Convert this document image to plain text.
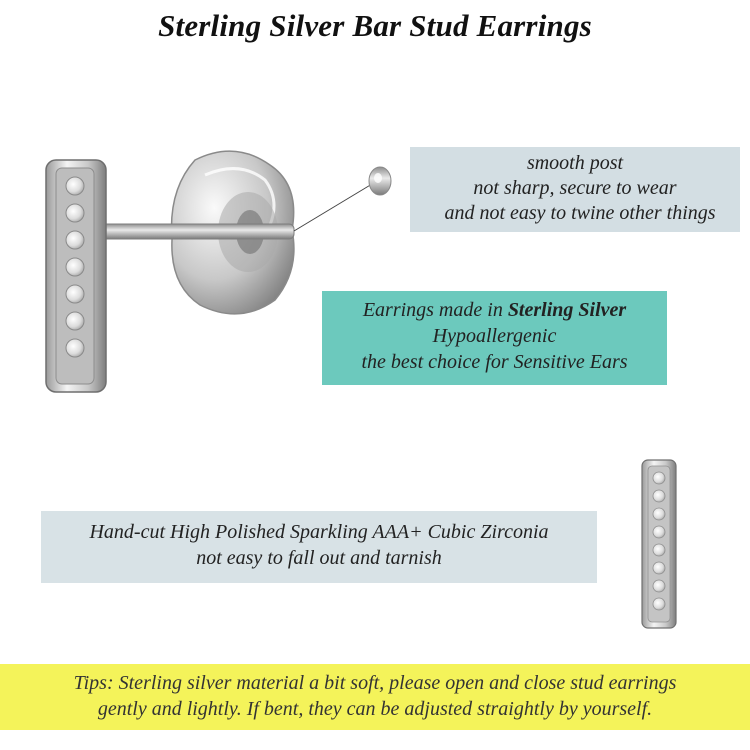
Sterling Silver Bar Stud Earrings
smooth post
not sharp, secure to wear
and not easy to twine other things
Earrings made in Sterling Silver
Hypoallergenic
the best choice for Sensitive Ears
Hand-cut High Polished Sparkling AAA+ Cubic Zirconia
not easy to fall out and tarnish
Tips: Sterling silver material a bit soft, please open and close stud earrings
gently and lightly. If bent, they can be adjusted straightly by yourself.
